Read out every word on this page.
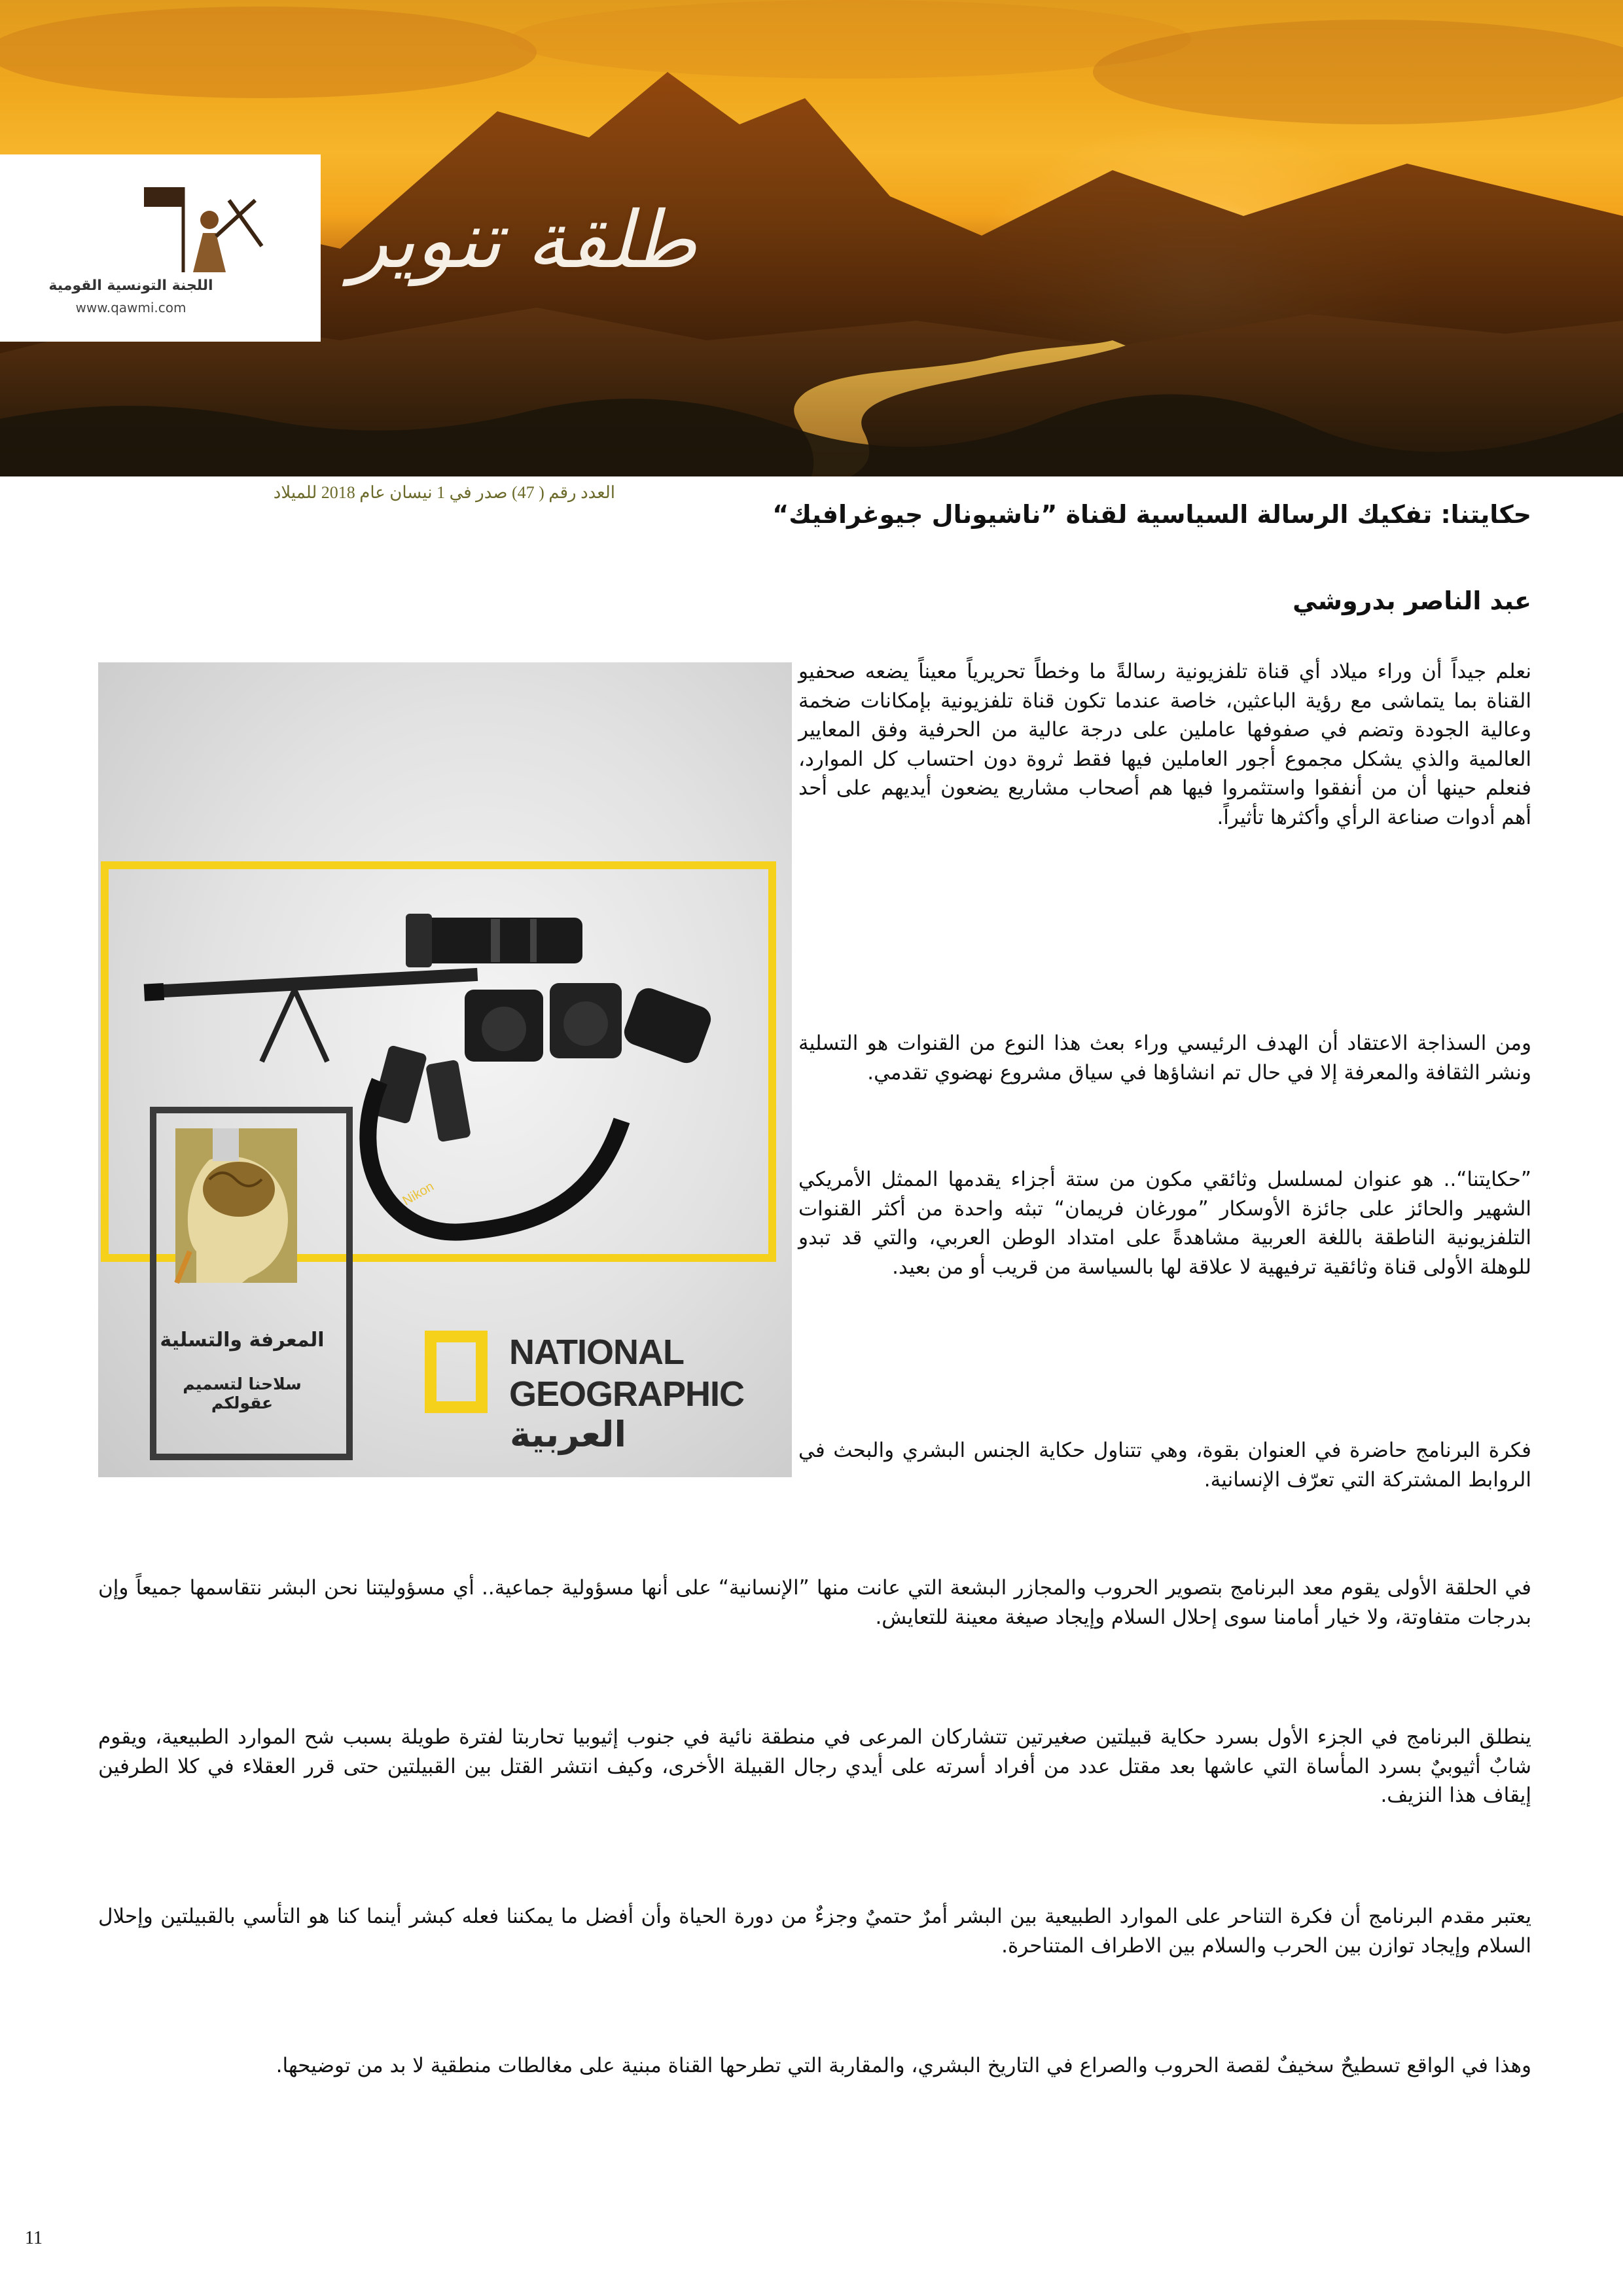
اللجنة التونسية القومية
www.qawmi.com
طلقة تنوير
العدد رقم ( 47) صدر في 1 نيسان عام 2018 للميلاد
حكايتنا: تفكيك الرسالة السياسية لقناة ”ناشيونال جيوغرافيك“
عبد الناصر بدروشي

نعلم جيداً أن وراء ميلاد أي قناة تلفزيونية رسالةً ما وخطاً تحريرياً معيناً يضعه صحفيو القناة بما يتماشى مع رؤية الباعثين، خاصة عندما تكون قناة تلفزيونية بإمكانات ضخمة وعالية الجودة وتضم في صفوفها عاملين على درجة عالية من الحرفية وفق المعايير العالمية والذي يشكل مجموع أجور العاملين فيها فقط ثروة دون احتساب كل الموارد، فنعلم حينها أن من أنفقوا واستثمروا فيها هم أصحاب مشاريع يضعون أيديهم على أحد أهم أدوات صناعة الرأي وأكثرها تأثيراً.

ومن السذاجة الاعتقاد أن الهدف الرئيسي وراء بعث هذا النوع من القنوات هو التسلية ونشر الثقافة والمعرفة إلا في حال تم انشاؤها في سياق مشروع نهضوي تقدمي.

”حكايتنا“.. هو عنوان لمسلسل وثائقي مكون من ستة أجزاء يقدمها الممثل الأمريكي الشهير والحائز على جائزة الأوسكار ”مورغان فريمان“ تبثه واحدة من أكثر القنوات التلفزيونية الناطقة باللغة العربية مشاهدةً على امتداد الوطن العربي، والتي قد تبدو للوهلة الأولى قناة وثائقية ترفيهية لا علاقة لها بالسياسة من قريب أو من بعيد.

فكرة البرنامج حاضرة في العنوان بقوة، وهي تتناول حكاية الجنس البشري والبحث في الروابط المشتركة التي تعرّف الإنسانية.

في الحلقة الأولى يقوم معد البرنامج بتصوير الحروب والمجازر البشعة التي عانت منها ”الإنسانية“ على أنها مسؤولية جماعية.. أي مسؤوليتنا نحن البشر نتقاسمها جميعاً وإن بدرجات متفاوتة، ولا خيار أمامنا سوى إحلال السلام وإيجاد صيغة معينة للتعايش.

ينطلق البرنامج في الجزء الأول بسرد حكاية قبيلتين صغيرتين تتشاركان المرعى في منطقة نائية في جنوب إثيوبيا تحاربتا لفترة طويلة بسبب شح الموارد الطبيعية، ويقوم شابٌ أثيوبيٌ بسرد المأساة التي عاشها بعد مقتل عدد من أفراد أسرته على أيدي رجال القبيلة الأخرى، وكيف انتشر القتل بين القبيلتين حتى قرر العقلاء في كلا الطرفين إيقاف هذا النزيف.

يعتبر مقدم البرنامج أن فكرة التناحر على الموارد الطبيعية بين البشر أمرٌ حتميٌ وجزءٌ من دورة الحياة وأن أفضل ما يمكننا فعله كبشر أينما كنا هو التأسي بالقبيلتين وإحلال السلام وإيجاد توازن بين الحرب والسلام بين الاطراف المتناحرة.

وهذا في الواقع تسطيحٌ سخيفٌ لقصة الحروب والصراع في التاريخ البشري، والمقاربة التي تطرحها القناة مبنية على مغالطات منطقية لا بد من توضيحها.

Nikon
المعرفة والتسلية
سلاحنا لتسميم عقولكم
NATIONAL
GEOGRAPHIC
العربية
11
